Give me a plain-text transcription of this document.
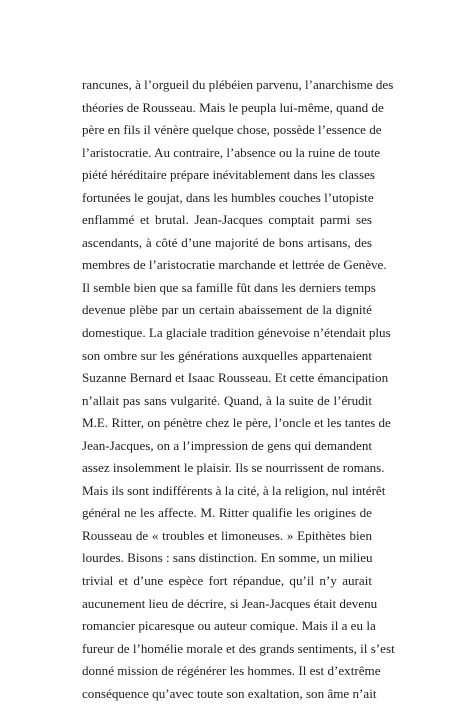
rancunes, à l’orgueil du plébéien parvenu, l’anarchisme des
théories de Rousseau. Mais le peupla lui-même, quand de
père en fils il vénère quelque chose, possède l’essence de
l’aristocratie. Au contraire, l’absence ou la ruine de toute
piété héréditaire prépare inévitablement dans les classes
fortunées le goujat, dans les humbles couches l’utopiste
enflammé et brutal. Jean-Jacques comptait parmi ses
ascendants, à côté d’une majorité de bons artisans, des
membres de l’aristocratie marchande et lettrée de Genève.
Il semble bien que sa famille fût dans les derniers temps
devenue plèbe par un certain abaissement de la dignité
domestique. La glaciale tradition génevoise n’étendait plus
son ombre sur les générations auxquelles appartenaient
Suzanne Bernard et Isaac Rousseau. Et cette émancipation
n’allait pas sans vulgarité. Quand, à la suite de l’érudit
M.E. Ritter, on pénètre chez le père, l’oncle et les tantes de
Jean-Jacques, on a l’impression de gens qui demandent
assez insolemment le plaisir. Ils se nourrissent de romans.
Mais ils sont indifférents à la cité, à la religion, nul intérêt
général ne les affecte. M. Ritter qualifie les origines de
Rousseau de « troubles et limoneuses. » Epithètes bien
lourdes. Bisons : sans distinction. En somme, un milieu
trivial et d’une espèce fort répandue, qu’il n’y aurait
aucunement lieu de décrire, si Jean-Jacques était devenu
romancier picaresque ou auteur comique. Mais il a eu la
fureur de l’homélie morale et des grands sentiments, il s’est
donné mission de régénérer les hommes. Il est d’extrême
conséquence qu’avec toute son exaltation, son âme n’ait
